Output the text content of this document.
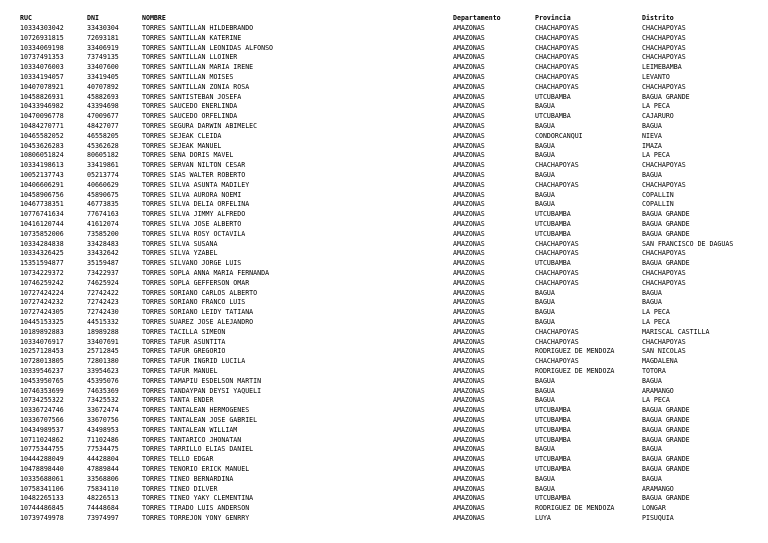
RUC	DNI	NOMBRE	Departamento	Provincia	Distrito
10334303042	33430304	TORRES SANTILLAN HILDEBRANDO	AMAZONAS	CHACHAPOYAS	CHACHAPOYAS
10726931815	72693181	TORRES SANTILLAN KATERINE	AMAZONAS	CHACHAPOYAS	CHACHAPOYAS
10334069198	33406919	TORRES SANTILLAN LEONIDAS ALFONSO	AMAZONAS	CHACHAPOYAS	CHACHAPOYAS
10737491353	73749135	TORRES SANTILLAN LLOINER	AMAZONAS	CHACHAPOYAS	CHACHAPOYAS
10334076003	33407600	TORRES SANTILLAN MARIA IRENE	AMAZONAS	CHACHAPOYAS	LEIMEBAMBA
10334194057	33419405	TORRES SANTILLAN MOISES	AMAZONAS	CHACHAPOYAS	LEVANTO
10407078921	40707892	TORRES SANTILLAN ZONIA ROSA	AMAZONAS	CHACHAPOYAS	CHACHAPOYAS
10458826931	45882693	TORRES SANTISTEBAN JOSEFA	AMAZONAS	UTCUBAMBA	BAGUA GRANDE
10433946982	43394698	TORRES SAUCEDO ENERLINDA	AMAZONAS	BAGUA	LA PECA
10470096778	47009677	TORRES SAUCEDO ORFELINDA	AMAZONAS	UTCUBAMBA	CAJARURO
10484270771	48427077	TORRES SEGURA DARWIN ABIMELEC	AMAZONAS	BAGUA	BAGUA
10465582052	46558205	TORRES SEJEAK CLEIDA	AMAZONAS	CONDORCANQUI	NIEVA
10453626283	45362628	TORRES SEJEAK MANUEL	AMAZONAS	BAGUA	IMAZA
10806051824	80605182	TORRES SENA DORIS MAVEL	AMAZONAS	BAGUA	LA PECA
10334198613	33419861	TORRES SERVAN NILTON CESAR	AMAZONAS	CHACHAPOYAS	CHACHAPOYAS
10052137743	05213774	TORRES SIAS WALTER ROBERTO	AMAZONAS	BAGUA	BAGUA
10406606291	40660629	TORRES SILVA ASUNTA MADILEY	AMAZONAS	CHACHAPOYAS	CHACHAPOYAS
10458906756	45890675	TORRES SILVA AURORA NOEMI	AMAZONAS	BAGUA	COPALLIN
10467738351	46773835	TORRES SILVA DELIA ORFELINA	AMAZONAS	BAGUA	COPALLIN
10776741634	77674163	TORRES SILVA JIMMY ALFREDO	AMAZONAS	UTCUBAMBA	BAGUA GRANDE
10416120744	41612074	TORRES SILVA JOSE ALBERTO	AMAZONAS	UTCUBAMBA	BAGUA GRANDE
10735852006	73585200	TORRES SILVA ROSY OCTAVILA	AMAZONAS	UTCUBAMBA	BAGUA GRANDE
10334284838	33428483	TORRES SILVA SUSANA	AMAZONAS	CHACHAPOYAS	SAN FRANCISCO DE DAGUAS
10334326425	33432642	TORRES SILVA YZABEL	AMAZONAS	CHACHAPOYAS	CHACHAPOYAS
15351594877	35159487	TORRES SILVANO JORGE LUIS	AMAZONAS	UTCUBAMBA	BAGUA GRANDE
10734229372	73422937	TORRES SOPLA ANNA MARIA FERNANDA	AMAZONAS	CHACHAPOYAS	CHACHAPOYAS
10746259242	74625924	TORRES SOPLA GEFFERSON OMAR	AMAZONAS	CHACHAPOYAS	CHACHAPOYAS
10727424224	72742422	TORRES SORIANO CARLOS ALBERTO	AMAZONAS	BAGUA	BAGUA
10727424232	72742423	TORRES SORIANO FRANCO LUIS	AMAZONAS	BAGUA	BAGUA
10727424305	72742430	TORRES SORIANO LEIDY TATIANA	AMAZONAS	BAGUA	LA PECA
10445153325	44515332	TORRES SUAREZ JOSE ALEJANDRO	AMAZONAS	BAGUA	LA PECA
10189892883	18989288	TORRES TACILLA SIMEON	AMAZONAS	CHACHAPOYAS	MARISCAL CASTILLA
10334076917	33407691	TORRES TAFUR ASUNTITA	AMAZONAS	CHACHAPOYAS	CHACHAPOYAS
10257128453	25712845	TORRES TAFUR GREGORIO	AMAZONAS	RODRIGUEZ DE MENDOZA	SAN NICOLAS
10728013805	72801380	TORRES TAFUR INGRID LUCILA	AMAZONAS	CHACHAPOYAS	MAGDALENA
10339546237	33954623	TORRES TAFUR MANUEL	AMAZONAS	RODRIGUEZ DE MENDOZA	TOTORA
10453950765	45395076	TORRES TAMAPIU ESDELSON MARTIN	AMAZONAS	BAGUA	BAGUA
10746353699	74635369	TORRES TANDAYPAN DEYSI YAQUELI	AMAZONAS	BAGUA	ARAMANGO
10734255322	73425532	TORRES TANTA ENDER	AMAZONAS	BAGUA	LA PECA
10336724746	33672474	TORRES TANTALEAN HERMOGENES	AMAZONAS	UTCUBAMBA	BAGUA GRANDE
10336707566	33670756	TORRES TANTALEAN JOSE GABRIEL	AMAZONAS	UTCUBAMBA	BAGUA GRANDE
10434989537	43498953	TORRES TANTALEAN WILLIAM	AMAZONAS	UTCUBAMBA	BAGUA GRANDE
10711024862	71102486	TORRES TANTARICO JHONATAN	AMAZONAS	UTCUBAMBA	BAGUA GRANDE
10775344755	77534475	TORRES TARRILLO ELIAS DANIEL	AMAZONAS	BAGUA	BAGUA
10444288049	44428804	TORRES TELLO EDGAR	AMAZONAS	UTCUBAMBA	BAGUA GRANDE
10478898440	47889844	TORRES TENORIO ERICK MANUEL	AMAZONAS	UTCUBAMBA	BAGUA GRANDE
10335688061	33568806	TORRES TINEO BERNARDINA	AMAZONAS	BAGUA	BAGUA
10758341106	75834110	TORRES TINEO DILVER	AMAZONAS	BAGUA	ARAMANGO
10482265133	48226513	TORRES TINEO YAKY CLEMENTINA	AMAZONAS	UTCUBAMBA	BAGUA GRANDE
10744486845	74448684	TORRES TIRADO LUIS ANDERSON	AMAZONAS	RODRIGUEZ DE MENDOZA	LONGAR
10739749978	73974997	TORRES TORREJON YONY GENRRY	AMAZONAS	LUYA	PISUQUIA
